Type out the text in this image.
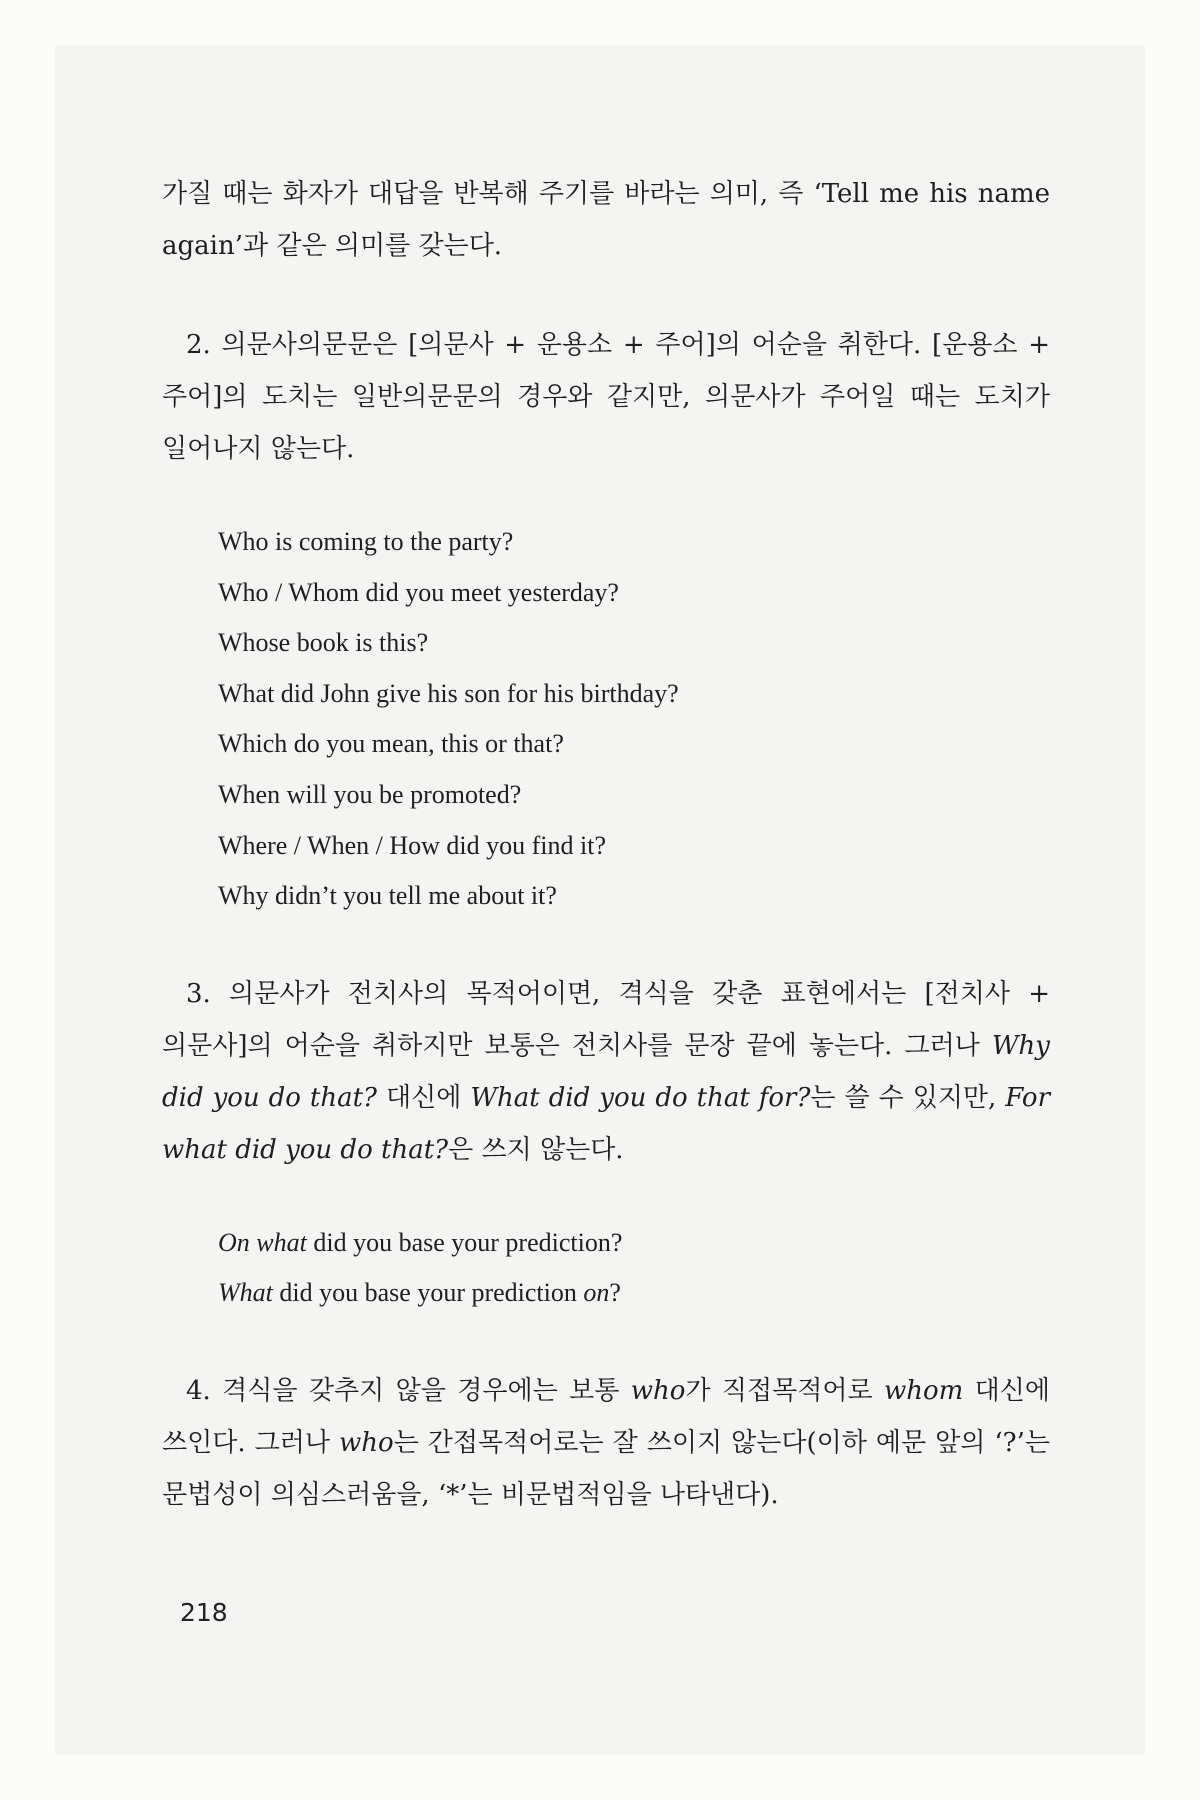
가질 때는 화자가 대답을 반복해 주기를 바라는 의미, 즉 ‘Tell me his name again’과 같은 의미를 갖는다.

2. 의문사의문문은 [의문사 + 운용소 + 주어]의 어순을 취한다. [운용소 + 주어]의 도치는 일반의문문의 경우와 같지만, 의문사가 주어일 때는 도치가 일어나지 않는다.

Who is coming to the party?
Who / Whom did you meet yesterday?
Whose book is this?
What did John give his son for his birthday?
Which do you mean, this or that?
When will you be promoted?
Where / When / How did you find it?
Why didn’t you tell me about it?

3. 의문사가 전치사의 목적어이면, 격식을 갖춘 표현에서는 [전치사 + 의문사]의 어순을 취하지만 보통은 전치사를 문장 끝에 놓는다. 그러나 Why did you do that? 대신에 What did you do that for?는 쓸 수 있지만, For what did you do that?은 쓰지 않는다.

On what did you base your prediction?
What did you base your prediction on?

4. 격식을 갖추지 않을 경우에는 보통 who가 직접목적어로 whom 대신에 쓰인다. 그러나 who는 간접목적어로는 잘 쓰이지 않는다(이하 예문 앞의 ‘?’는 문법성이 의심스러움을, ‘*’는 비문법적임을 나타낸다).

218
